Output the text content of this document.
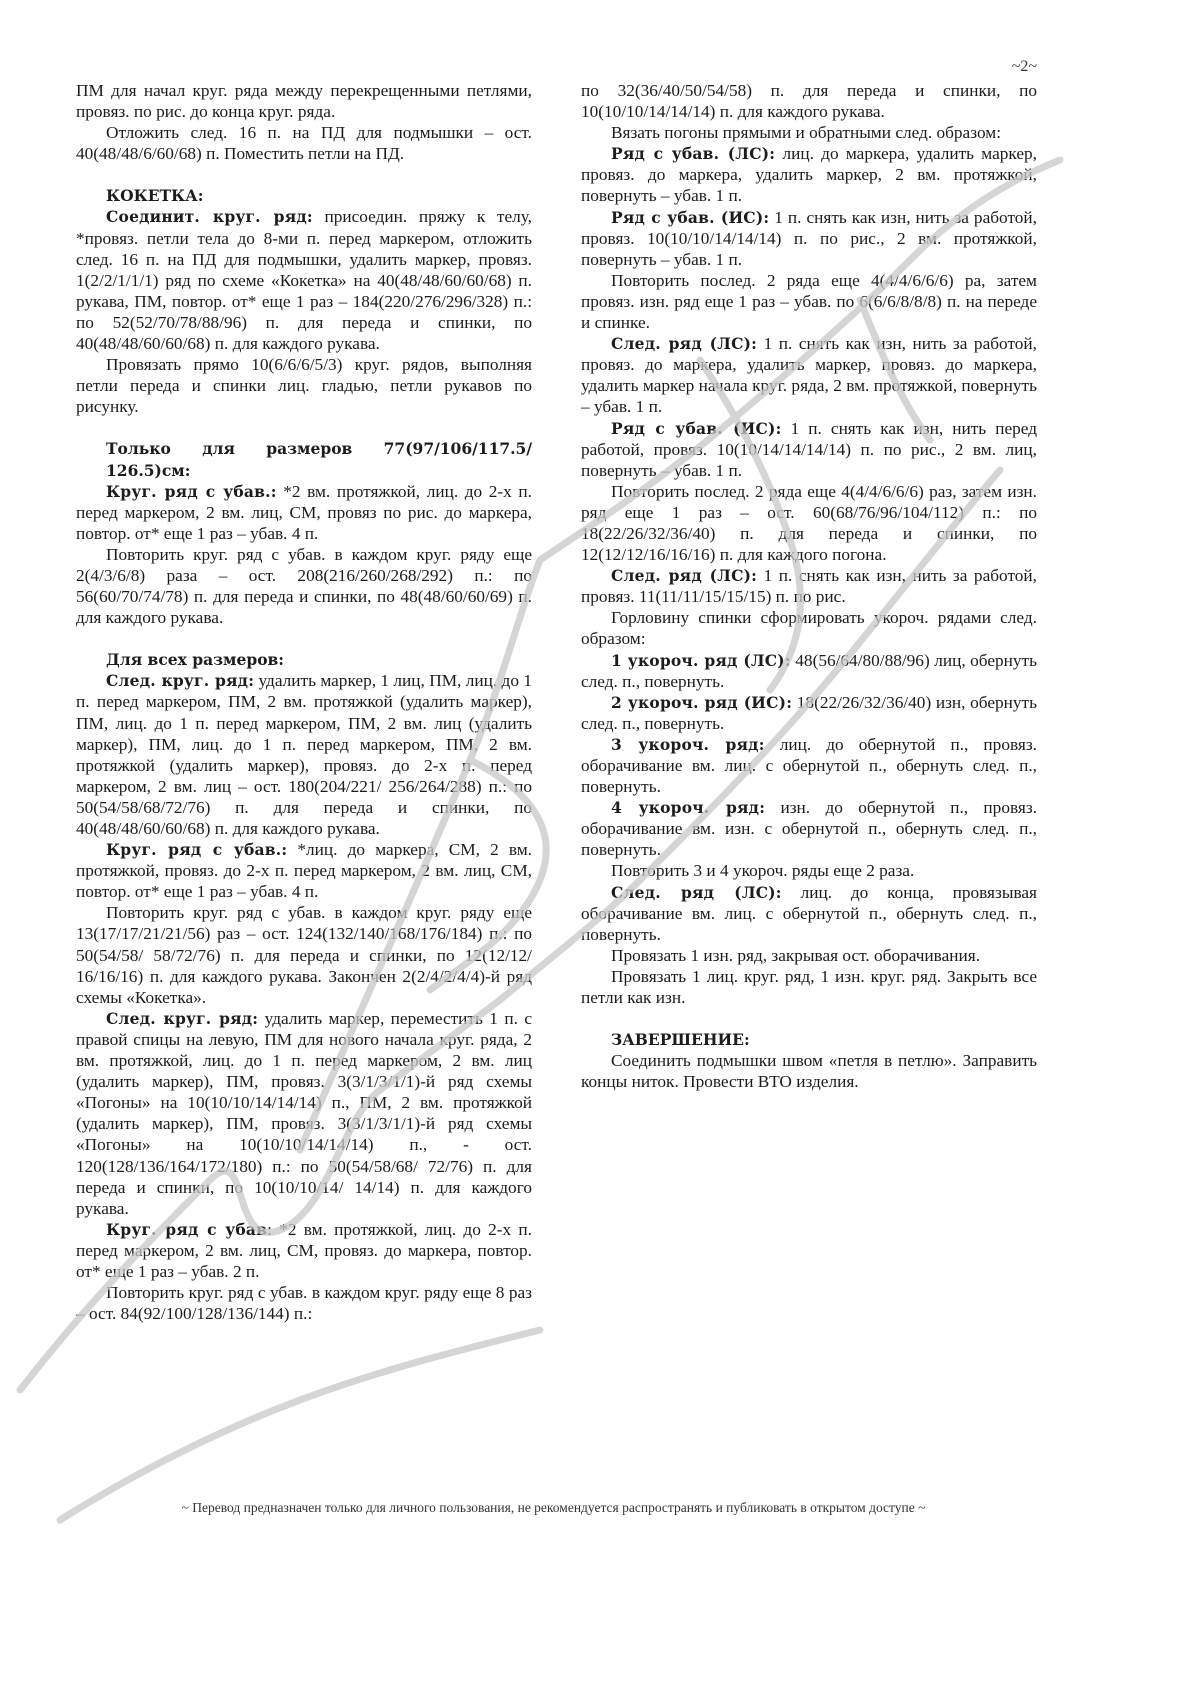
~2~

ПМ для начал круг. ряда между перекрещенными петлями, провяз. по рис. до конца круг. ряда.

Отложить след. 16 п. на ПД для подмышки – ост. 40(48/48/6/60/68) п. Поместить петли на ПД.

КОКЕТКА:

Соединит. круг. ряд: присоедин. пряжу к телу, *провяз. петли тела до 8-ми п. перед маркером, отложить след. 16 п. на ПД для подмышки, удалить маркер, провяз. 1(2/2/1/1/1) ряд по схеме «Кокетка» на 40(48/48/60/60/68) п. рукава, ПМ, повтор. от* еще 1 раз – 184(220/276/296/328) п.: по 52(52/70/78/88/96) п. для переда и спинки, по 40(48/48/60/60/68) п. для каждого рукава.

Провязать прямо 10(6/6/6/5/3) круг. рядов, выполняя петли переда и спинки лиц. гладью, петли рукавов по рисунку.

Только для размеров 77(97/106/117.5/ 126.5)см:

Круг. ряд с убав.: *2 вм. протяжкой, лиц. до 2-х п. перед маркером, 2 вм. лиц, СМ, провяз по рис. до маркера, повтор. от* еще 1 раз – убав. 4 п.

Повторить круг. ряд с убав. в каждом круг. ряду еще 2(4/3/6/8) раза – ост. 208(216/260/268/292) п.: по 56(60/70/74/78) п. для переда и спинки, по 48(48/60/60/69) п. для каждого рукава.

Для всех размеров:

След. круг. ряд: удалить маркер, 1 лиц, ПМ, лиц. до 1 п. перед маркером, ПМ, 2 вм. протяжкой (удалить маркер), ПМ, лиц. до 1 п. перед маркером, ПМ, 2 вм. лиц (удалить маркер), ПМ, лиц. до 1 п. перед маркером, ПМ, 2 вм. протяжкой (удалить маркер), провяз. до 2-х п. перед маркером, 2 вм. лиц – ост. 180(204/221/ 256/264/288) п.: по 50(54/58/68/72/76) п. для переда и спинки, по 40(48/48/60/60/68) п. для каждого рукава.

Круг. ряд с убав.: *лиц. до маркера, СМ, 2 вм. протяжкой, провяз. до 2-х п. перед маркером, 2 вм. лиц, СМ, повтор. от* еще 1 раз – убав. 4 п.

Повторить круг. ряд с убав. в каждом круг. ряду еще 13(17/17/21/21/56) раз – ост. 124(132/140/168/176/184) п.: по 50(54/58/ 58/72/76) п. для переда и спинки, по 12(12/12/ 16/16/16) п. для каждого рукава. Закончен 2(2/4/2/4/4)-й ряд схемы «Кокетка».

След. круг. ряд: удалить маркер, переместить 1 п. с правой спицы на левую, ПМ для нового начала круг. ряда, 2 вм. протяжкой, лиц. до 1 п. перед маркером, 2 вм. лиц (удалить маркер), ПМ, провяз. 3(3/1/3/1/1)-й ряд схемы «Погоны» на 10(10/10/14/14/14) п., ПМ, 2 вм. протяжкой (удалить маркер), ПМ, провяз. 3(3/1/3/1/1)-й ряд схемы «Погоны» на 10(10/10/14/14/14) п., - ост. 120(128/136/164/172/180) п.: по 50(54/58/68/ 72/76) п. для переда и спинки, по 10(10/10/14/ 14/14) п. для каждого рукава.

Круг. ряд с убав: *2 вм. протяжкой, лиц. до 2-х п. перед маркером, 2 вм. лиц, СМ, провяз. до маркера, повтор. от* еще 1 раз – убав. 2 п.

Повторить круг. ряд с убав. в каждом круг. ряду еще 8 раз – ост. 84(92/100/128/136/144) п.:

по 32(36/40/50/54/58) п. для переда и спинки, по 10(10/10/14/14/14) п. для каждого рукава.

Вязать погоны прямыми и обратными след. образом:

Ряд с убав. (ЛС): лиц. до маркера, удалить маркер, провяз. до маркера, удалить маркер, 2 вм. протяжкой, повернуть – убав. 1 п.

Ряд с убав. (ИС): 1 п. снять как изн, нить за работой, провяз. 10(10/10/14/14/14) п. по рис., 2 вм. протяжкой, повернуть – убав. 1 п.

Повторить послед. 2 ряда еще 4(4/4/6/6/6) ра, затем провяз. изн. ряд еще 1 раз – убав. по 6(6/6/8/8/8) п. на переде и спинке.

След. ряд (ЛС): 1 п. снять как изн, нить за работой, провяз. до маркера, удалить маркер, провяз. до маркера, удалить маркер начала круг. ряда, 2 вм. протяжкой, повернуть – убав. 1 п.

Ряд с убав. (ИС): 1 п. снять как изн, нить перед работой, провяз. 10(10/14/14/14/14) п. по рис., 2 вм. лиц, повернуть – убав. 1 п.

Повторить послед. 2 ряда еще 4(4/4/6/6/6) раз, затем изн. ряд еще 1 раз – ост. 60(68/76/96/104/112) п.: по 18(22/26/32/36/40) п. для переда и спинки, по 12(12/12/16/16/16) п. для каждого погона.

След. ряд (ЛС): 1 п. снять как изн, нить за работой, провяз. 11(11/11/15/15/15) п. по рис.

Горловину спинки сформировать укороч. рядами след. образом:

1 укороч. ряд (ЛС): 48(56/64/80/88/96) лиц, обернуть след. п., повернуть.

2 укороч. ряд (ИС): 18(22/26/32/36/40) изн, обернуть след. п., повернуть.

3 укороч. ряд: лиц. до обернутой п., провяз. оборачивание вм. лиц. с обернутой п., обернуть след. п., повернуть.

4 укороч. ряд: изн. до обернутой п., провяз. оборачивание вм. изн. с обернутой п., обернуть след. п., повернуть.

Повторить 3 и 4 укороч. ряды еще 2 раза.

След. ряд (ЛС): лиц. до конца, провязывая оборачивание вм. лиц. с обернутой п., обернуть след. п., повернуть.

Провязать 1 изн. ряд, закрывая ост. оборачивания.

Провязать 1 лиц. круг. ряд, 1 изн. круг. ряд. Закрыть все петли как изн.

ЗАВЕРШЕНИЕ:

Соединить подмышки швом «петля в петлю». Заправить концы ниток. Провести ВТО изделия.

~ Перевод предназначен только для личного пользования, не рекомендуется распространять и публиковать в открытом доступе ~
